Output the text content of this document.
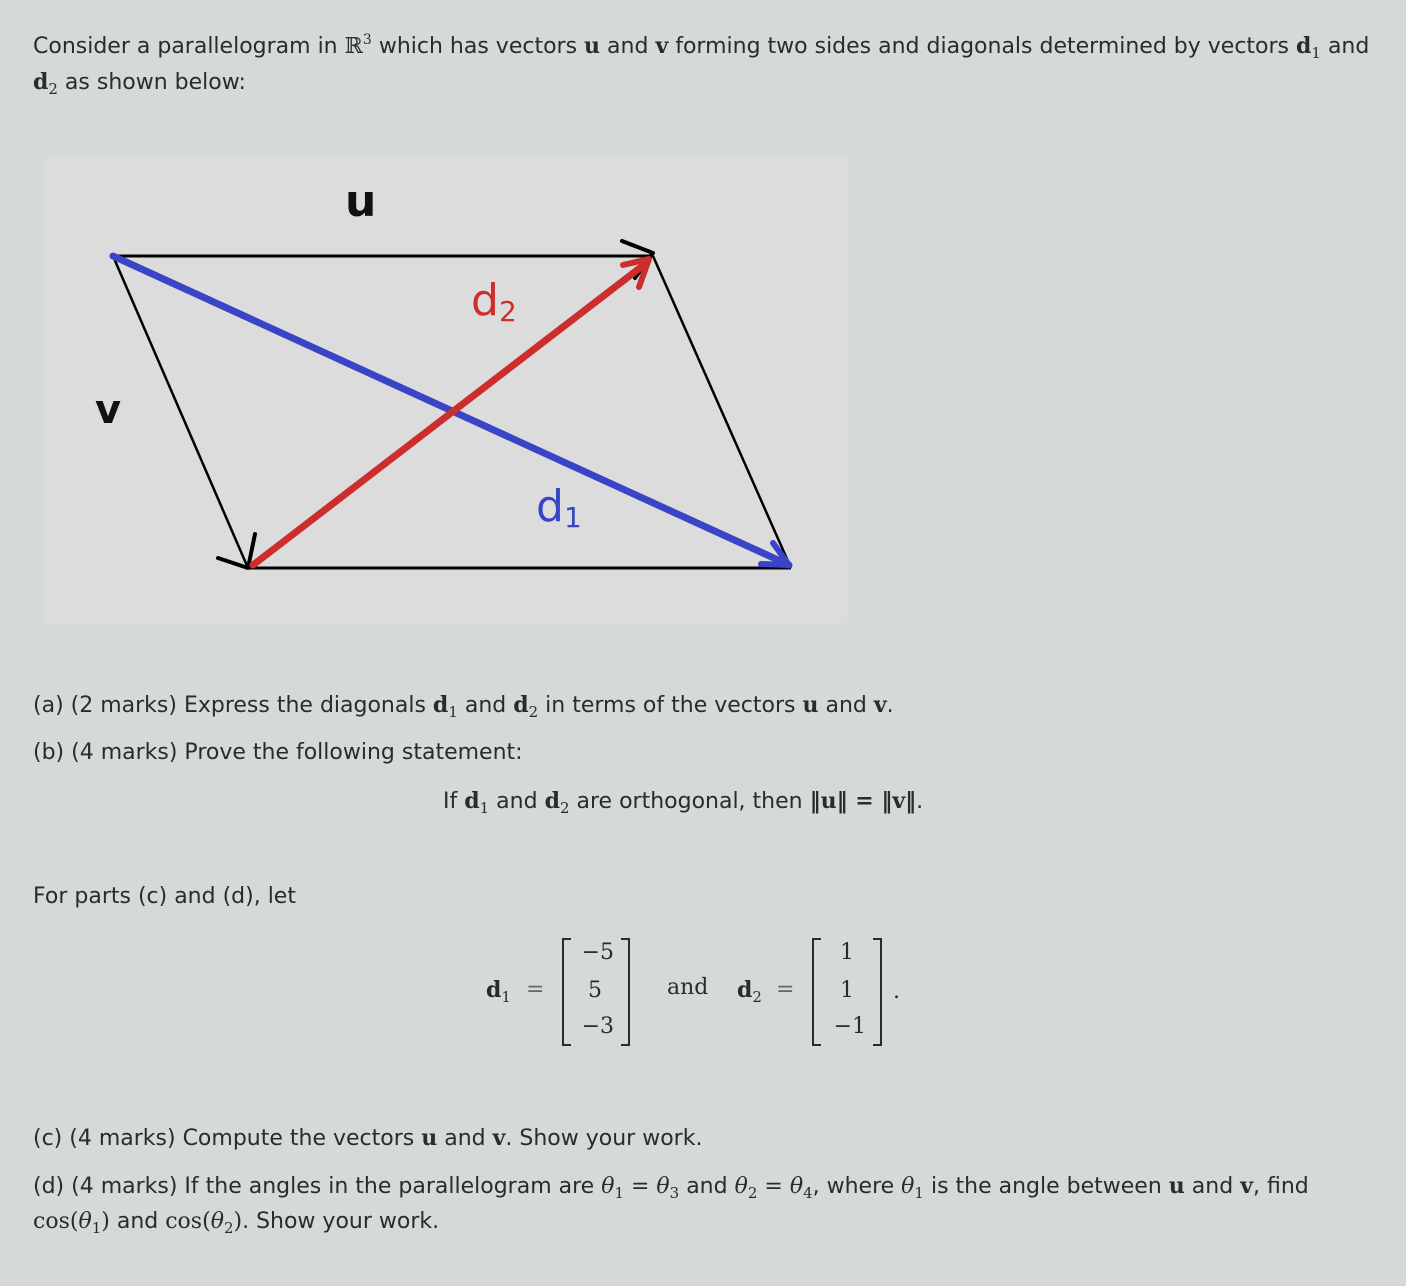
Consider a parallelogram in ℝ$^3$ which has vectors u and v forming two sides and diagonals determined by vectors $d_1$ and
$d_2$ as shown below:
u
v
d2
d1
(a) (2 marks) Express the diagonals $d_1$ and $d_2$ in terms of the vectors u and v.
(b) (4 marks) Prove the following statement:
If $d_1$ and $d_2$ are orthogonal, then ‖u‖ = ‖v‖.
For parts (c) and (d), let
$d_1$ =
−5
5
−3
and $d_2$ =
1
1
−1
.
(c) (4 marks) Compute the vectors u and v. Show your work.
(d) (4 marks) If the angles in the parallelogram are $\theta_1 = \theta_3$ and $\theta_2 = \theta_4$, where $\theta_1$ is the angle between u and v, find
$\cos(\theta_1)$ and $\cos(\theta_2)$. Show your work.
